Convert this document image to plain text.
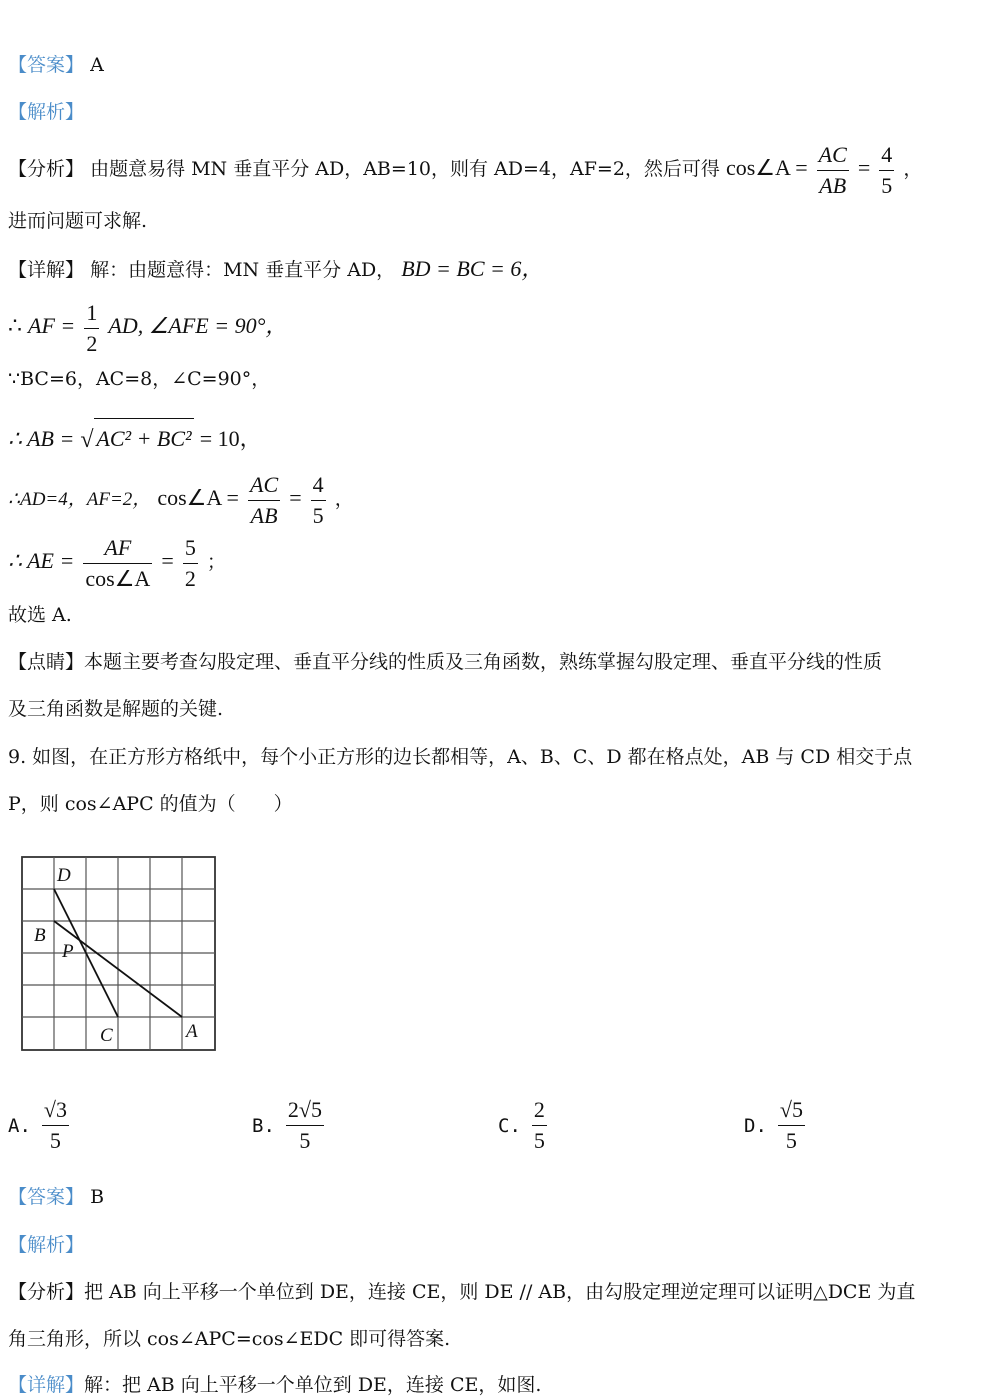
【答案】 A
【解析】
【分析】 由题意易得 MN 垂直平分 AD，AB=10，则有 AD=4，AF=2，然后可得 cos∠A = $\frac{AC}{AB} = \frac{4}{5}$ ，
进而问题可求解.
【详解】 解：由题意得：MN 垂直平分 AD， BD = BC = 6，
∴ AF = $\frac{1}{2}$ AD, ∠AFE = 90°，
∵BC=6，AC=8，∠C=90°，
∴ AB = √ AC² + BC² = 10，
∴AD=4，AF=2， cos∠A = $\frac{AC}{AB} = \frac{4}{5}$ ，
∴ AE = $\frac{AF}{\cos\angle A} = \frac{5}{2}$ ；
故选 A.
【点睛】本题主要考查勾股定理、垂直平分线的性质及三角函数，熟练掌握勾股定理、垂直平分线的性质
及三角函数是解题的关键.
9. 如图，在正方形方格纸中，每个小正方形的边长都相等，A、B、C、D 都在格点处，AB 与 CD 相交于点
P，则 cos∠APC 的值为（　　）
D
B
P
C	A
A. $\frac{√3}{5}$	B. $\frac{2√5}{5}$	C. $\frac{2}{5}$	D. $\frac{√5}{5}$
【答案】 B
【解析】
【分析】把 AB 向上平移一个单位到 DE，连接 CE，则 DE // AB，由勾股定理逆定理可以证明△DCE 为直
角三角形，所以 cos∠APC=cos∠EDC 即可得答案.
【详解】解：把 AB 向上平移一个单位到 DE，连接 CE，如图.
